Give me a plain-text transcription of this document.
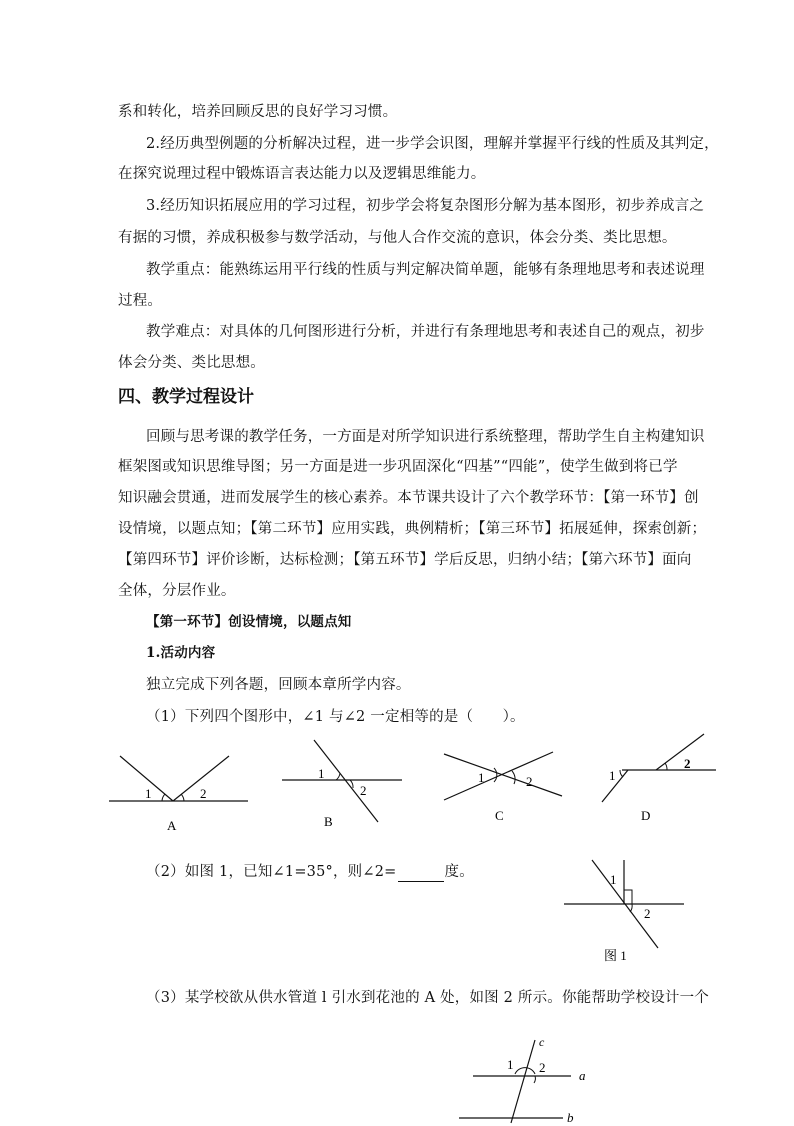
系和转化，培养回顾反思的良好学习习惯。
2.经历典型例题的分析解决过程，进一步学会识图，理解并掌握平行线的性质及其判定，
在探究说理过程中锻炼语言表达能力以及逻辑思维能力。
3.经历知识拓展应用的学习过程，初步学会将复杂图形分解为基本图形，初步养成言之
有据的习惯，养成积极参与数学活动，与他人合作交流的意识，体会分类、类比思想。
教学重点：能熟练运用平行线的性质与判定解决简单题，能够有条理地思考和表述说理
过程。
教学难点：对具体的几何图形进行分析，并进行有条理地思考和表述自己的观点，初步
体会分类、类比思想。
四、教学过程设计
回顾与思考课的教学任务，一方面是对所学知识进行系统整理，帮助学生自主构建知识
框架图或知识思维导图；另一方面是进一步巩固深化“四基”“四能”，使学生做到将已学
知识融会贯通，进而发展学生的核心素养。本节课共设计了六个教学环节：【第一环节】创
设情境，以题点知；【第二环节】应用实践，典例精析；【第三环节】拓展延伸，探索创新；
【第四环节】评价诊断，达标检测；【第五环节】学后反思，归纳小结；【第六环节】面向
全体，分层作业。
【第一环节】创设情境，以题点知
1.活动内容
独立完成下列各题，回顾本章所学内容。
（1）下列四个图形中，∠1 与∠2 一定相等的是（　　）。
1	2
A
1
2
B
1	2
C
1
2
D
（2）如图 1，已知∠1=35°，则∠2=	度。	1
2
图 1
（3）某学校欲从供水管道 l 引水到花池的 A 处，如图 2 所示。你能帮助学校设计一个
c
1 2
a
b
